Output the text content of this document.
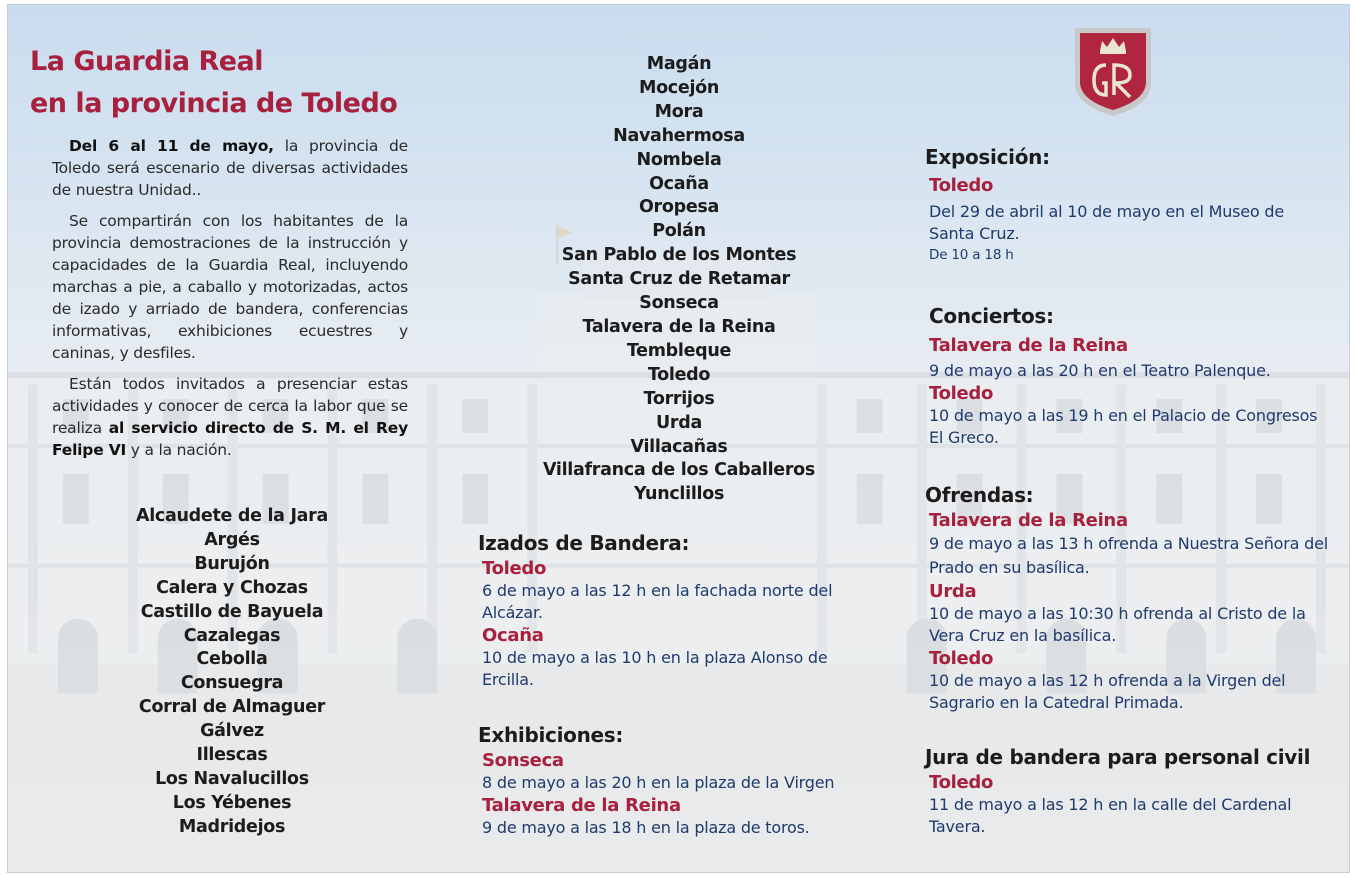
La Guardia Real
en la provincia de Toledo

Del 6 al 11 de mayo, la provincia de Toledo será escenario de diversas actividades de nuestra Unidad..

Se compartirán con los habitantes de la provincia demostraciones de la instrucción y capacidades de la Guardia Real, incluyendo marchas a pie, a caballo y motorizadas, actos de izado y arriado de bandera, conferencias informativas, exhibiciones ecuestres y caninas, y desfiles.

Están todos invitados a presenciar estas actividades y conocer de cerca la labor que se realiza al servicio directo de S. M. el Rey Felipe VI y a la nación.

Alcaudete de la Jara
Argés
Burujón
Calera y Chozas
Castillo de Bayuela
Cazalegas
Cebolla
Consuegra
Corral de Almaguer
Gálvez
Illescas
Los Navalucillos
Los Yébenes
Madridejos
Magán
Mocejón
Mora
Navahermosa
Nombela
Ocaña
Oropesa
Polán
San Pablo de los Montes
Santa Cruz de Retamar
Sonseca
Talavera de la Reina
Tembleque
Toledo
Torrijos
Urda
Villacañas
Villafranca de los Caballeros
Yunclillos
Izados de Bandera:

Toledo

6 de mayo a las 12 h en la fachada norte del Alcázar.

Ocaña

10 de mayo a las 10 h en la plaza Alonso de Ercilla.

Exhibiciones:

Sonseca

8 de mayo a las 20 h en la plaza de la Virgen

Talavera de la Reina

9 de mayo a las 18 h en la plaza de toros.

Exposición:

Toledo

Del 29 de abril al 10 de mayo en el Museo de Santa Cruz.

De 10 a 18 h

Conciertos:

Talavera de la Reina

9 de mayo a las 20 h en el Teatro Palenque.

Toledo

10 de mayo a las 19 h en el Palacio de Congresos El Greco.

Ofrendas:

Talavera de la Reina

9 de mayo a las 13 h ofrenda a Nuestra Señora del Prado en su basílica.

Urda

10 de mayo a las 10:30 h ofrenda al Cristo de la Vera Cruz en la basílica.

Toledo

10 de mayo a las 12 h ofrenda a la Virgen del Sagrario en la Catedral Primada.

Jura de bandera para personal civil

Toledo

11 de mayo a las 12 h en la calle del Cardenal Tavera.
